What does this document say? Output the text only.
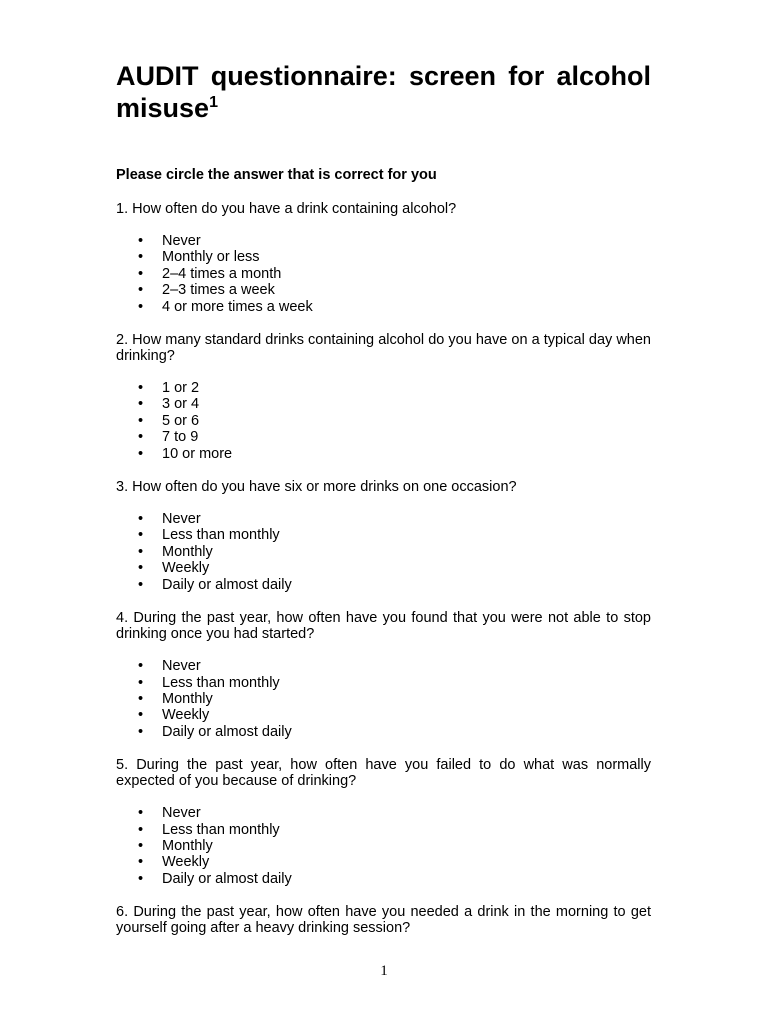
AUDIT questionnaire: screen for alcohol misuse$^1$

Please circle the answer that is correct for you

1. How often do you have a drink containing alcohol?

• Never
• Monthly or less
• 2–4 times a month
• 2–3 times a week
• 4 or more times a week

2. How many standard drinks containing alcohol do you have on a typical day when drinking?

• 1 or 2
• 3 or 4
• 5 or 6
• 7 to 9
• 10 or more

3. How often do you have six or more drinks on one occasion?

• Never
• Less than monthly
• Monthly
• Weekly
• Daily or almost daily

4. During the past year, how often have you found that you were not able to stop drinking once you had started?

• Never
• Less than monthly
• Monthly
• Weekly
• Daily or almost daily

5. During the past year, how often have you failed to do what was normally expected of you because of drinking?

• Never
• Less than monthly
• Monthly
• Weekly
• Daily or almost daily

6. During the past year, how often have you needed a drink in the morning to get yourself going after a heavy drinking session?

1
